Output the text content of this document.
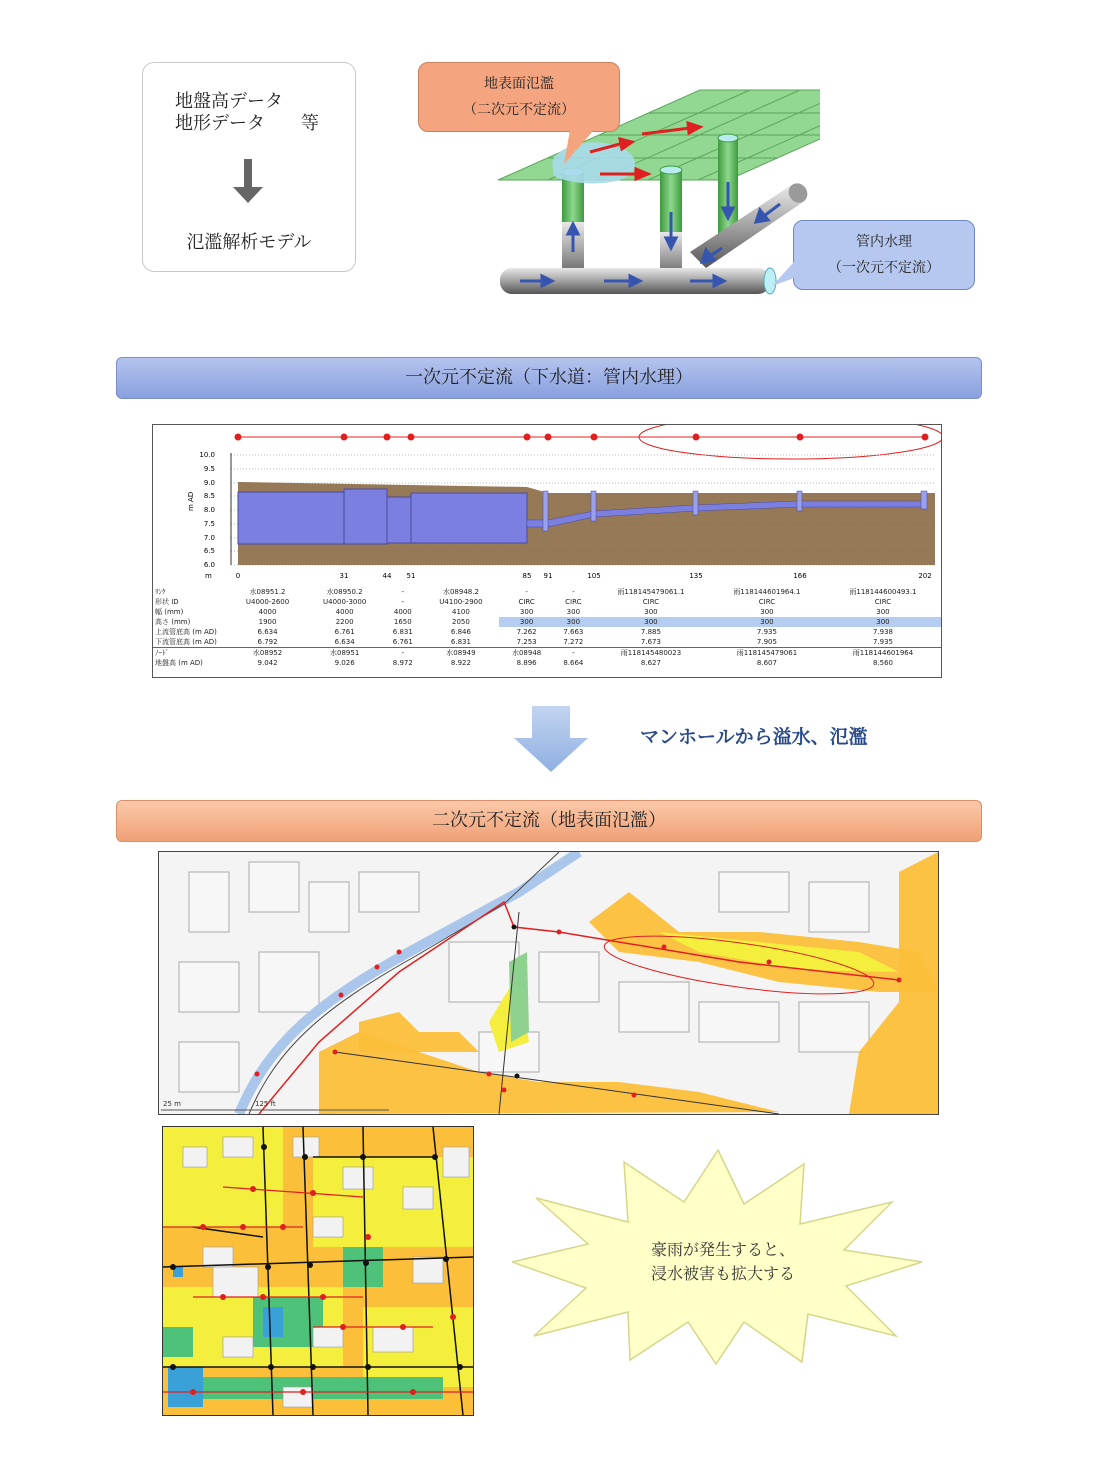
地盤高データ
地形データ　　等
氾濫解析モデル
地表面氾濫
（二次元不定流）
管内水理
（一次元不定流）
一次元不定流（下水道：管内水理）
m AD
10.0
9.5
9.0
8.5
8.0
7.5
7.0
6.5
6.0
m	0	31	44 51	85 91	105	135	166	202
ﾘﾝｸ	水08951.2	水08950.2	-	水08948.2	-	-	雨118145479061.1	雨118144601964.1	雨118144600493.1
形状 ID	U4000-2600	U4000-3000	-	U4100-2900	CIRC	CIRC	CIRC	CIRC	CIRC
幅 (mm)	4000	4000	4000	4100	300	300	300	300	300
高さ (mm)	1900	2200	1650	2050	300	300	300	300	300
上流管底高 (m AD)	6.634	6.761	6.831	6.846	7.262	7.663	7.885	7.935	7.938
下流管底高 (m AD)	6.792	6.634	6.761	6.831	7.253	7.272	7.673	7.905	7.935
ﾉｰﾄﾞ	水08952	水08951	-	水08949	水08948	-	雨118145480023	雨118145479061	雨118144601964
地盤高 (m AD)	9.042	9.026	8.972	8.922	8.896	8.664	8.627	8.607	8.560
マンホールから溢水、氾濫
二次元不定流（地表面氾濫）
25 m	125 ft
豪雨が発生すると、
浸水被害も拡大する
